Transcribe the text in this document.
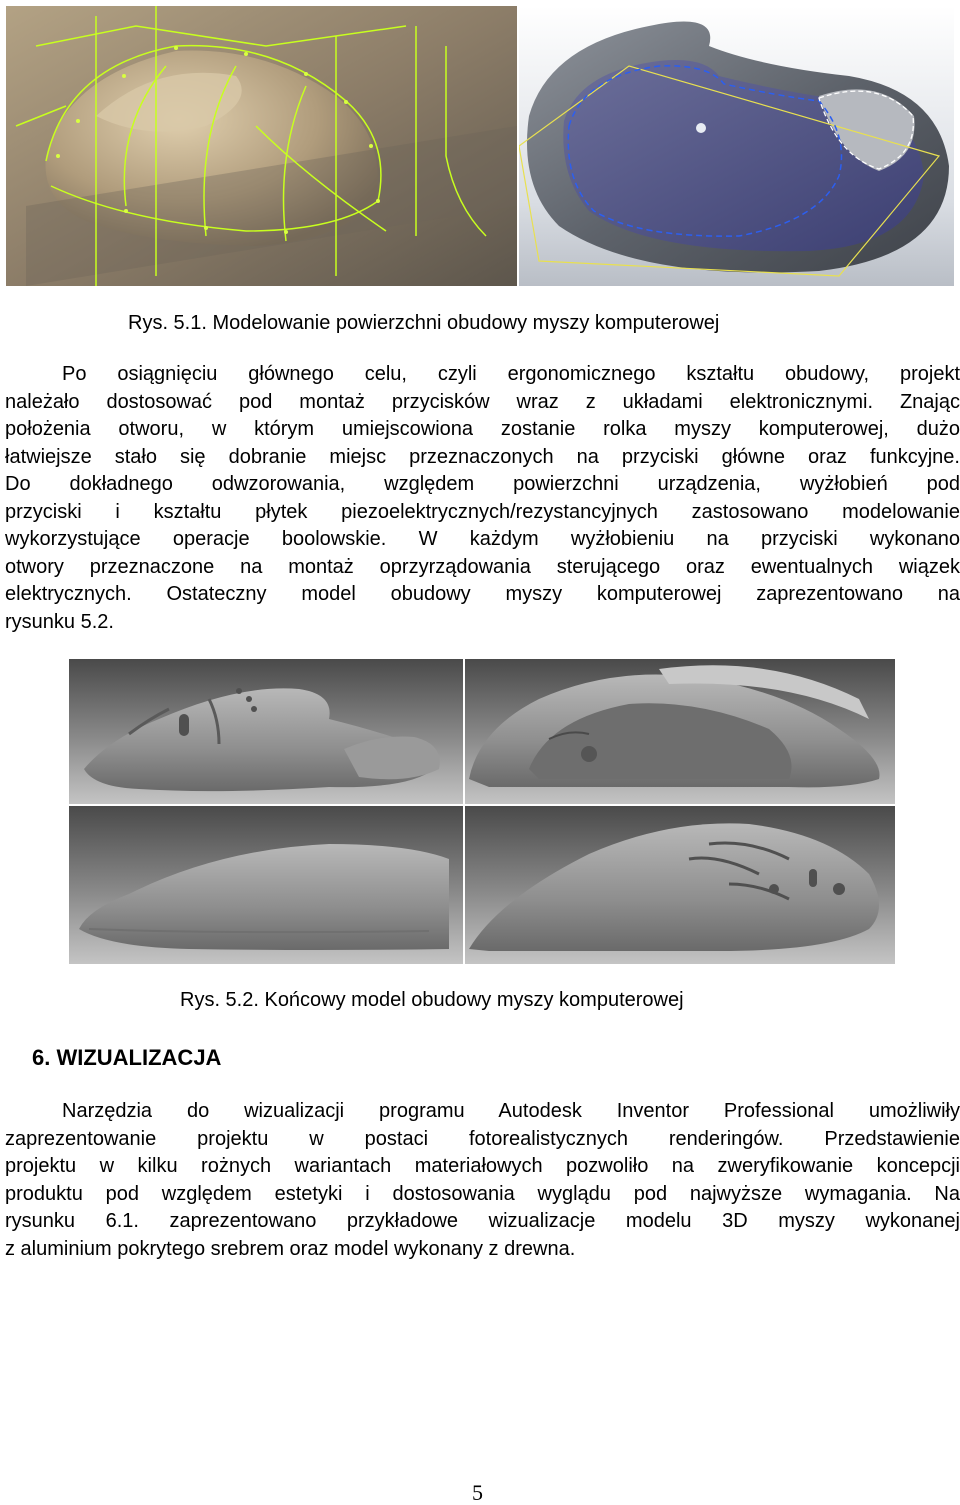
Rys. 5.1. Modelowanie powierzchni obudowy myszy komputerowej
Po osiągnięciu głównego celu, czyli ergonomicznego kształtu obudowy, projekt
należało dostosować pod montaż przycisków wraz z układami elektronicznymi. Znając
położenia otworu, w którym umiejscowiona zostanie rolka myszy komputerowej, dużo
łatwiejsze stało się dobranie miejsc przeznaczonych na przyciski główne oraz funkcyjne.
Do dokładnego odwzorowania, względem powierzchni urządzenia, wyżłobień pod
przyciski i kształtu płytek piezoelektrycznych/rezystancyjnych zastosowano modelowanie
wykorzystujące operacje boolowskie. W każdym wyżłobieniu na przyciski wykonano
otwory przeznaczone na montaż oprzyrządowania sterującego oraz ewentualnych wiązek
elektrycznych. Ostateczny model obudowy myszy komputerowej zaprezentowano na
rysunku 5.2.
Rys. 5.2. Końcowy model obudowy myszy komputerowej
6. WIZUALIZACJA
Narzędzia do wizualizacji programu Autodesk Inventor Professional umożliwiły
zaprezentowanie projektu w postaci fotorealistycznych renderingów. Przedstawienie
projektu w kilku rożnych wariantach materiałowych pozwoliło na zweryfikowanie koncepcji
produktu pod względem estetyki i dostosowania wyglądu pod najwyższe wymagania. Na
rysunku 6.1. zaprezentowano przykładowe wizualizacje modelu 3D myszy wykonanej
z aluminium pokrytego srebrem oraz model wykonany z drewna.
5
